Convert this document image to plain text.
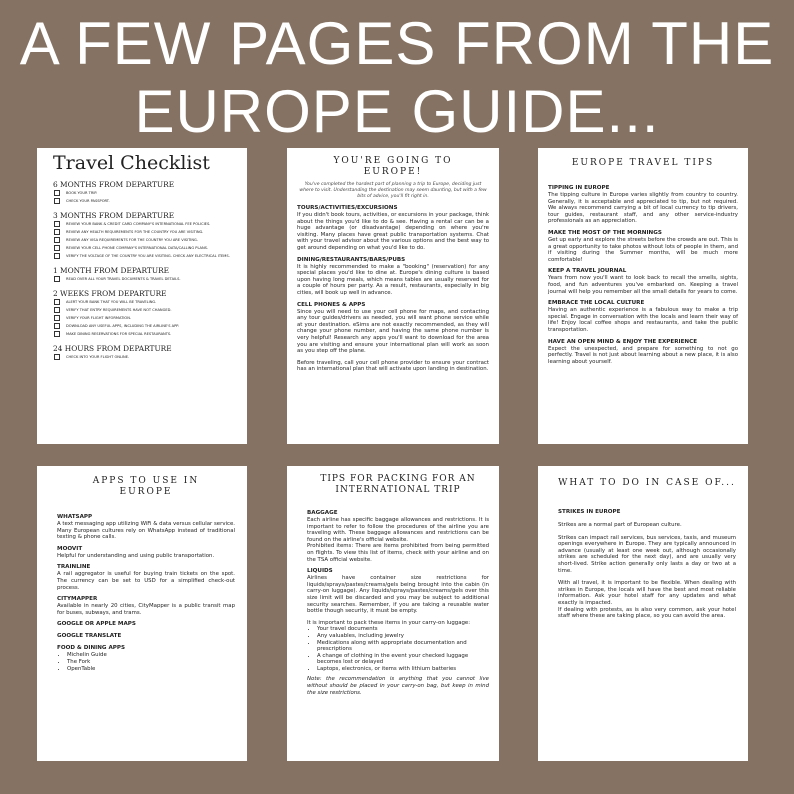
A FEW PAGES FROM THE
EUROPE GUIDE...
Travel Checklist
6 MONTHS FROM DEPARTURE
BOOK YOUR TRIP.
CHECK YOUR PASSPORT.
3 MONTHS FROM DEPARTURE
REVIEW YOUR BANK & CREDIT CARD COMPANY'S INTERNATIONAL FEE POLICIES.
REVIEW ANY HEALTH REQUIREMENTS FOR THE COUNTRY YOU ARE VISITING.
REVIEW ANY VISA REQUIREMENTS FOR THE COUNTRY YOU ARE VISITING.
REVIEW YOUR CELL PHONE COMPANY'S INTERNATIONAL DATA/CALLING PLANS.
VERIFY THE VOLTAGE OF THE COUNTRY YOU ARE VISITING. CHECK ANY ELECTRICAL ITEMS.
1 MONTH FROM DEPARTURE
READ OVER ALL YOUR TRAVEL DOCUMENTS & TRAVEL DETAILS.
2 WEEKS FROM DEPARTURE
ALERT YOUR BANK THAT YOU WILL BE TRAVELING.
VERIFY THAT ENTRY REQUIREMENTS HAVE NOT CHANGED.
VERIFY YOUR FLIGHT INFORMATION.
DOWNLOAD ANY USEFUL APPS, INCLUDING THE AIRLINE'S APP.
MAKE DINING RESERVATIONS FOR SPECIAL RESTAURANTS.
24 HOURS FROM DEPARTURE
CHECK INTO YOUR FLIGHT ONLINE.
YOU'RE GOING TO EUROPE!
You've completed the hardest part of planning a trip to Europe, deciding just where to visit. Understanding the destination may seem daunting, but with a few bits of advice, you'll fit right in.
TOURS/ACTIVITIES/EXCURSIONS
If you didn't book tours, activities, or excursions in your package, think about the things you'd like to do & see. Having a rental car can be a huge advantage (or disadvantage) depending on where you're visiting. Many places have great public transportation systems. Chat with your travel advisor about the various options and the best way to get around depending on what you'd like to do.
DINING/RESTAURANTS/BARS/PUBS
It is highly recommended to make a "booking" (reservation) for any special places you'd like to dine at. Europe's dining culture is based upon having long meals, which means tables are usually reserved for a couple of hours per party. As a result, restaurants, especially in big cities, will book up well in advance.
CELL PHONES & APPS
Since you will need to use your cell phone for maps, and contacting any tour guides/drivers as needed, you will want phone service while at your destination. eSims are not exactly recommended, as they will change your phone number, and having the same phone number is very helpful! Research any apps you'll want to download for the area you are visiting and ensure your international plan will work as soon as you step off the plane.
Before traveling, call your cell phone provider to ensure your contract has an international plan that will activate upon landing in destination.
EUROPE TRAVEL TIPS
TIPPING IN EUROPE
The tipping culture in Europe varies slightly from country to country. Generally, it is acceptable and appreciated to tip, but not required. We always recommend carrying a bit of local currency to tip drivers, tour guides, restaurant staff, and any other service-industry professionals as an appreciation.
MAKE THE MOST OF THE MORNINGS
Get up early and explore the streets before the crowds are out. This is a great opportunity to take photos without lots of people in them, and if visiting during the Summer months, will be much more comfortable!
KEEP A TRAVEL JOURNAL
Years from now you'll want to look back to recall the smells, sights, food, and fun adventures you've embarked on. Keeping a travel journal will help you remember all the small details for years to come.
EMBRACE THE LOCAL CULTURE
Having an authentic experience is a fabulous way to make a trip special. Engage in conversation with the locals and learn their way of life! Enjoy local coffee shops and restaurants, and take the public transportation.
HAVE AN OPEN MIND & ENJOY THE EXPERIENCE
Expect the unexpected, and prepare for something to not go perfectly. Travel is not just about learning about a new place, it is also learning about yourself.
APPS TO USE IN EUROPE
WHATSAPP
A text messaging app utilizing WiFi & data versus cellular service. Many European cultures rely on WhatsApp instead of traditional texting & phone calls.
MOOVIT
Helpful for understanding and using public transportation.
TRAINLINE
A rail aggregator is useful for buying train tickets on the spot. The currency can be set to USD for a simplified check-out process.
CITYMAPPER
Available in nearly 20 cities, CityMapper is a public transit map for buses, subways, and trams.
GOOGLE OR APPLE MAPS
GOOGLE TRANSLATE
FOOD & DINING APPS
• Michelin Guide
• The Fork
• OpenTable
TIPS FOR PACKING FOR AN INTERNATIONAL TRIP
BAGGAGE
Each airline has specific baggage allowances and restrictions. It is important to refer to follow the procedures of the airline you are traveling with. These baggage allowances and restrictions can be found on the airline's official website.
Prohibited items: There are items prohibited from being permitted on flights. To view this list of items, check with your airline and on the TSA official website.
LIQUIDS
Airlines have container size restrictions for liquids/sprays/pastes/creams/gels being brought into the cabin (in carry-on luggage). Any liquids/sprays/pastes/creams/gels over this size limit will be discarded and you may be subject to additional security searches. Remember, if you are taking a reusable water bottle though security, it must be empty.
It is important to pack these items in your carry-on luggage:
• Your travel documents
• Any valuables, including jewelry
• Medications along with appropriate documentation and prescriptions
• A change of clothing in the event your checked luggage becomes lost or delayed
• Laptops, electronics, or items with lithium batteries
Note: the recommendation is anything that you cannot live without should be placed in your carry-on bag, but keep in mind the size restrictions.
WHAT TO DO IN CASE OF...
STRIKES IN EUROPE
Strikes are a normal part of European culture.
Strikes can impact rail services, bus services, taxis, and museum openings everywhere in Europe. They are typically announced in advance (usually at least one week out, although occasionally strikes are scheduled for the next day), and are usually very short-lived. Strike action generally only lasts a day or two at a time.
With all travel, it is important to be flexible. When dealing with strikes in Europe, the locals will have the best and most reliable information. Ask your hotel staff for any updates and what exactly is impacted.
If dealing with protests, as is also very common, ask your hotel staff where these are taking place, so you can avoid the area.
